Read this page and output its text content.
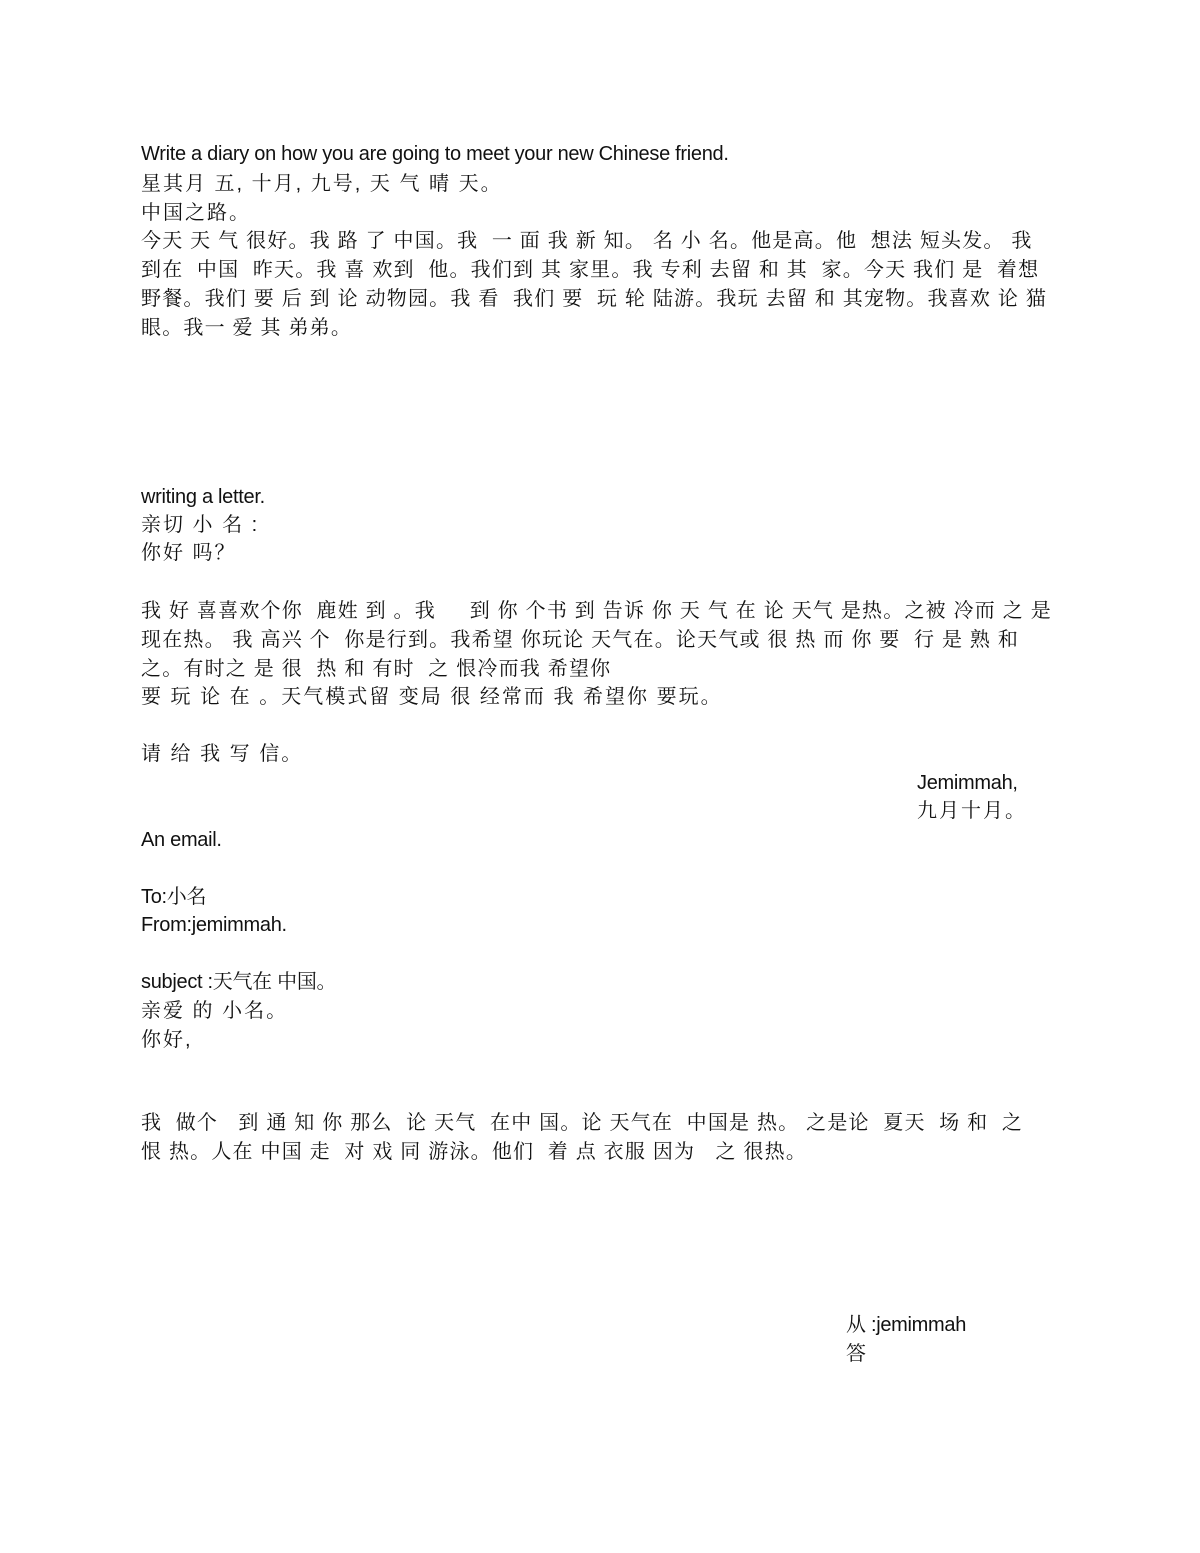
Write a diary on how you are going to meet your new Chinese friend.
星其月 五, 十月, 九号, 天 气 晴 天。
中国之路。
今天 天 气 很好。我 路 了 中国。我  一 面 我 新 知。 名 小 名。他是高。他  想法 短头发。 我  到在  中国  昨天。我 喜 欢到  他。我们到 其 家里。我 专利 去留 和 其  家。今天 我们 是  着想  野餐。我们 要 后 到 论 动物园。我 看  我们 要  玩 轮 陆游。我玩 去留 和 其宠物。我喜欢 论 猫眼。我一 爱 其 弟弟。
writing a letter.
亲切 小 名 :
你好 吗？
我 好 喜喜欢个你  鹿姓 到 。我     到 你 个书 到 告诉 你 天 气 在 论 天气 是热。之被 冷而 之 是现在热。 我 高兴 个  你是行到。我希望 你玩论 天气在。论天气或 很 热 而 你 要  行 是 熟 和 之。有时之 是 很  热 和 有时  之 恨冷而我 希望你
要 玩 论 在 。天气模式留 变局 很 经常而 我 希望你 要玩。
请 给 我 写 信。
Jemimmah,
九月十月。
An email.
To:小名
From:jemimmah.
subject :天气在 中国。
亲爱 的 小名。
你好,
我  做个   到 通 知 你 那么  论 天气  在中 国。论 天气在  中国是 热。 之是论  夏天  场 和  之  恨 热。人在 中国 走  对 戏 同 游泳。他们  着 点 衣服 因为   之 很热。
从 :jemimmah
答
